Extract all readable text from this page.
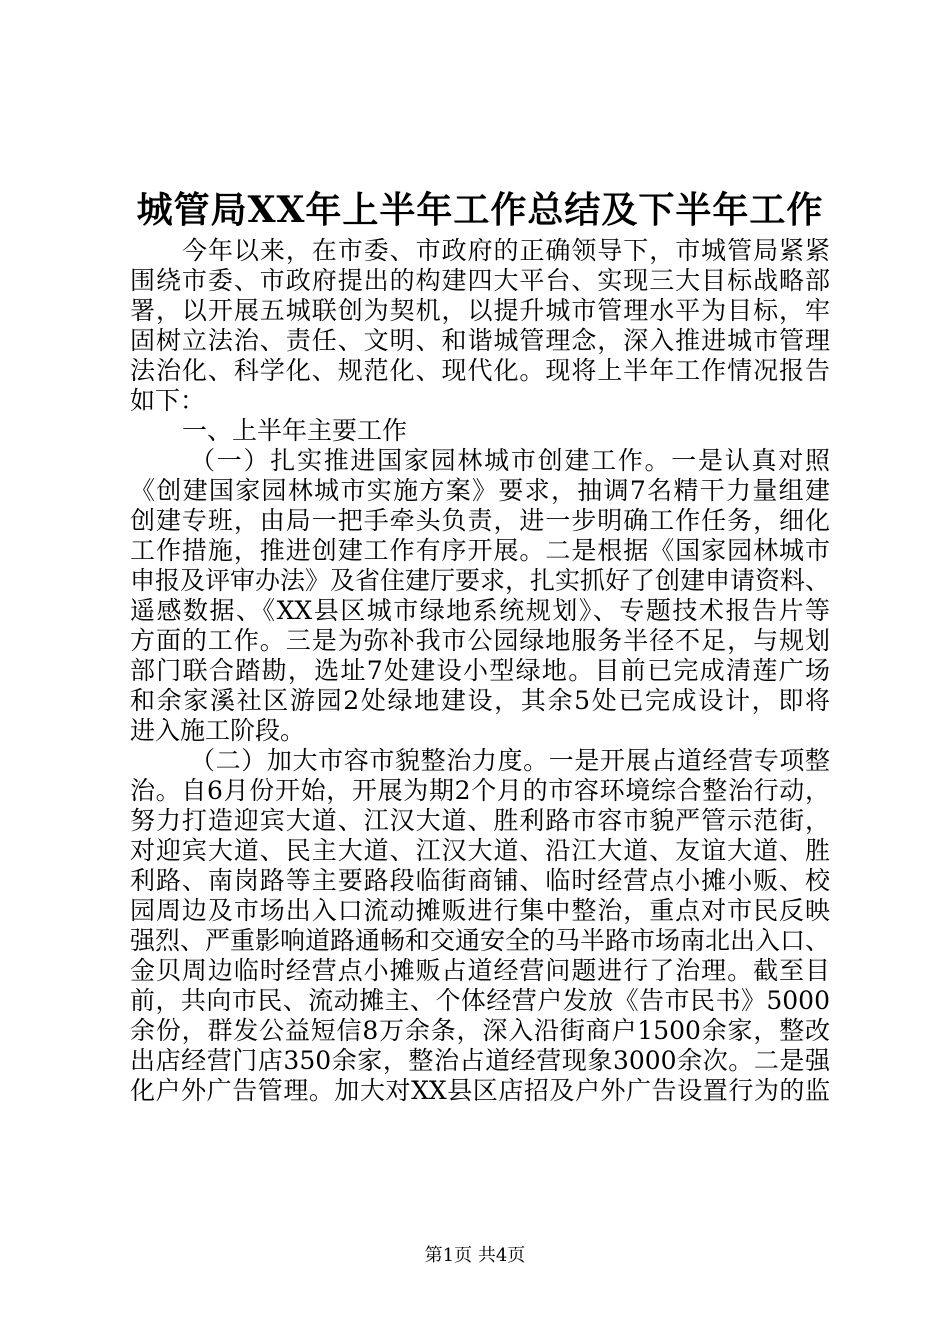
城管局XX年上半年工作总结及下半年工作
今年以来，在市委、市政府的正确领导下，市城管局紧紧
围绕市委、市政府提出的构建四大平台、实现三大目标战略部
署，以开展五城联创为契机，以提升城市管理水平为目标，牢
固树立法治、责任、文明、和谐城管理念，深入推进城市管理
法治化、科学化、规范化、现代化。现将上半年工作情况报告
如下：
一、上半年主要工作
（一）扎实推进国家园林城市创建工作。一是认真对照
《创建国家园林城市实施方案》要求，抽调7名精干力量组建
创建专班，由局一把手牵头负责，进一步明确工作任务，细化
工作措施，推进创建工作有序开展。二是根据《国家园林城市
申报及评审办法》及省住建厅要求，扎实抓好了创建申请资料、
遥感数据、《XX县区城市绿地系统规划》、专题技术报告片等
方面的工作。三是为弥补我市公园绿地服务半径不足，与规划
部门联合踏勘，选址7处建设小型绿地。目前已完成清莲广场
和余家溪社区游园2处绿地建设，其余5处已完成设计，即将
进入施工阶段。
（二）加大市容市貌整治力度。一是开展占道经营专项整
治。自6月份开始，开展为期2个月的市容环境综合整治行动，
努力打造迎宾大道、江汉大道、胜利路市容市貌严管示范街，
对迎宾大道、民主大道、江汉大道、沿江大道、友谊大道、胜
利路、南岗路等主要路段临街商铺、临时经营点小摊小贩、校
园周边及市场出入口流动摊贩进行集中整治，重点对市民反映
强烈、严重影响道路通畅和交通安全的马半路市场南北出入口、
金贝周边临时经营点小摊贩占道经营问题进行了治理。截至目
前，共向市民、流动摊主、个体经营户发放《告市民书》5000
余份，群发公益短信8万余条，深入沿街商户1500余家，整改
出店经营门店350余家，整治占道经营现象3000余次。二是强
化户外广告管理。加大对XX县区店招及户外广告设置行为的监
第1页 共4页
